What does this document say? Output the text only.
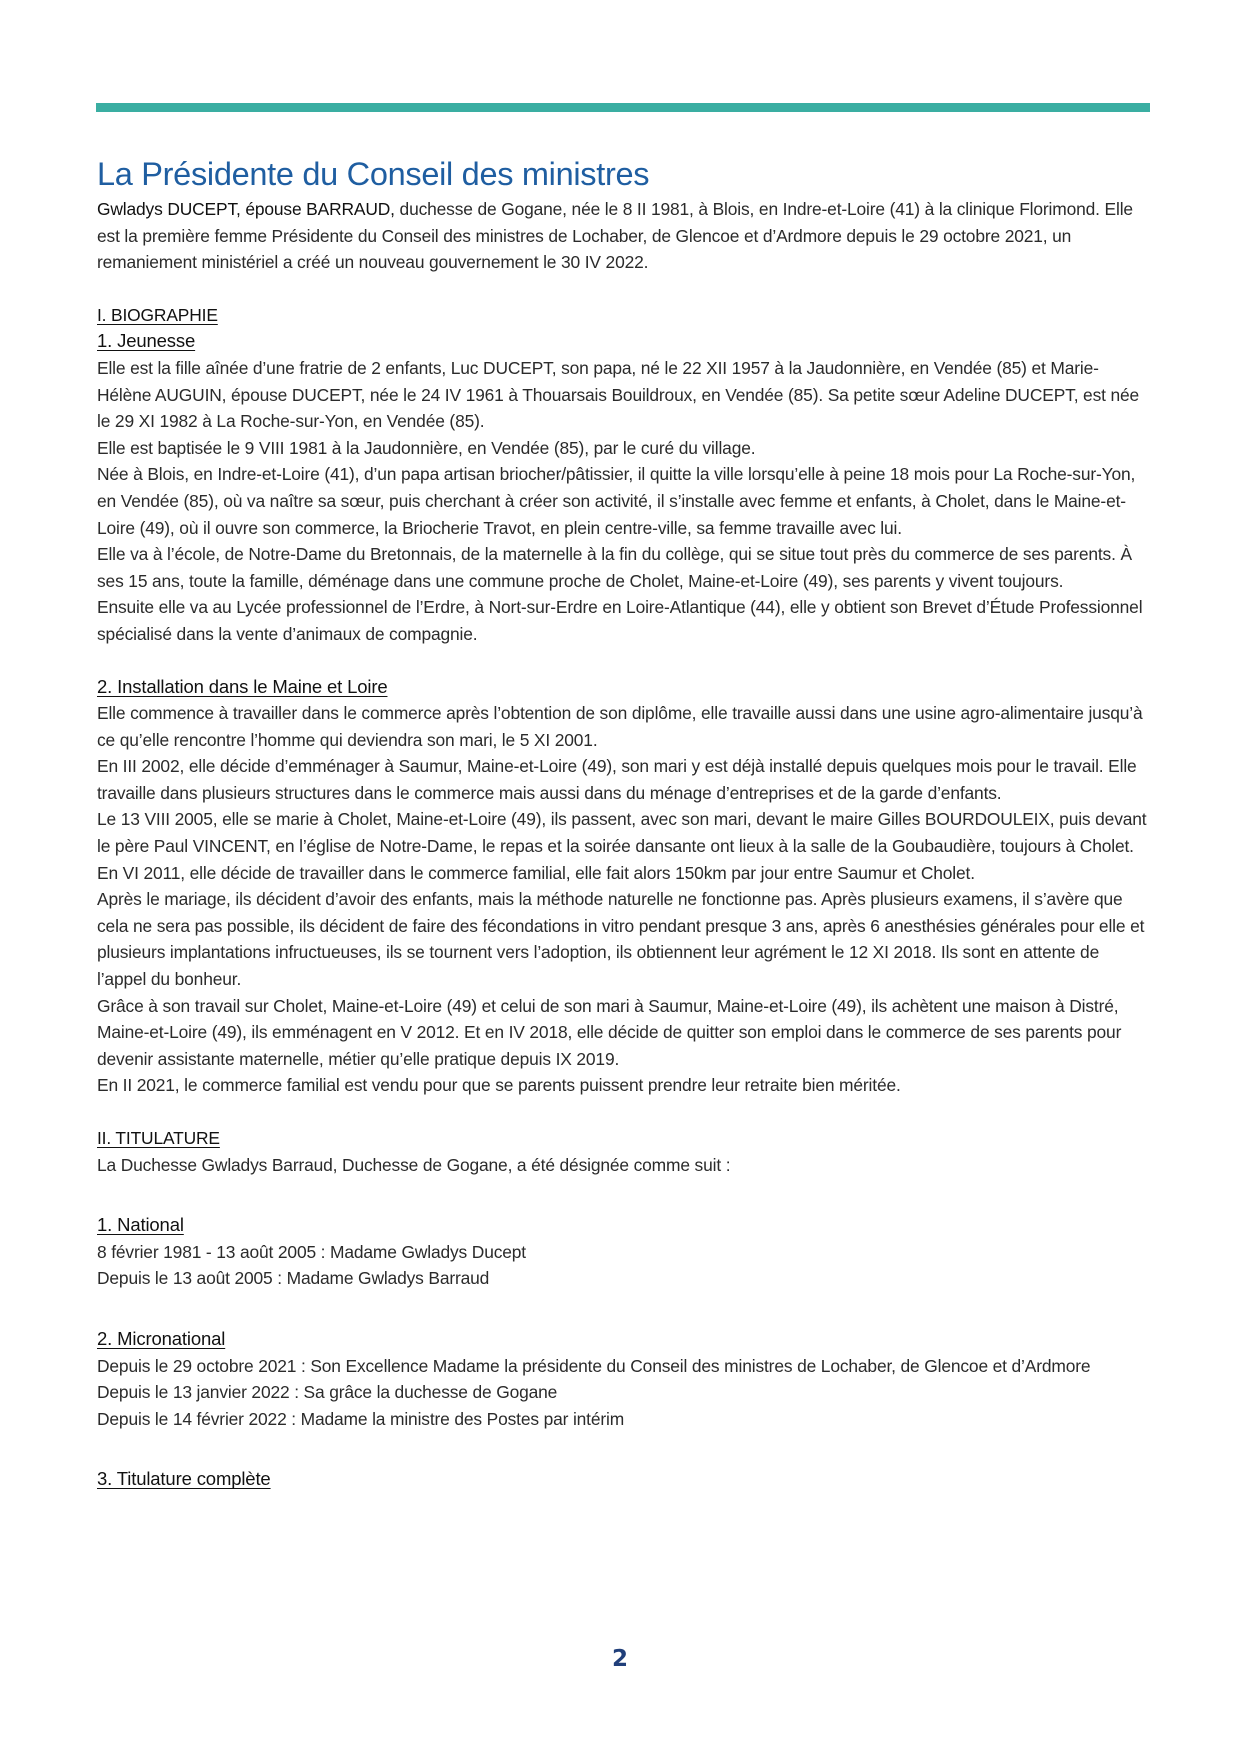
La Présidente du Conseil des ministres

Gwladys DUCEPT, épouse BARRAUD, duchesse de Gogane, née le 8 II 1981, à Blois, en Indre-et-Loire (41) à la clinique Florimond. Elle est la première femme Présidente du Conseil des ministres de Lochaber, de Glencoe et d’Ardmore depuis le 29 octobre 2021, un remaniement ministériel a créé un nouveau gouvernement le 30 IV 2022.

I. BIOGRAPHIE

1. Jeunesse

Elle est la fille aînée d’une fratrie de 2 enfants, Luc DUCEPT, son papa, né le 22 XII 1957 à la Jaudonnière, en Vendée (85) et Marie-Hélène AUGUIN, épouse DUCEPT, née le 24 IV 1961 à Thouarsais Bouildroux, en Vendée (85). Sa petite sœur Adeline DUCEPT, est née le 29 XI 1982 à La Roche-sur-Yon, en Vendée (85).

Elle est baptisée le 9 VIII 1981 à la Jaudonnière, en Vendée (85), par le curé du village.

Née à Blois, en Indre-et-Loire (41), d’un papa artisan briocher/pâtissier, il quitte la ville lorsqu’elle à peine 18 mois pour La Roche-sur-Yon, en Vendée (85), où va naître sa sœur, puis cherchant à créer son activité, il s’installe avec femme et enfants, à Cholet, dans le Maine-et-Loire (49), où il ouvre son commerce, la Briocherie Travot, en plein centre-ville, sa femme travaille avec lui.

Elle va à l’école, de Notre-Dame du Bretonnais, de la maternelle à la fin du collège, qui se situe tout près du commerce de ses parents. À ses 15 ans, toute la famille, déménage dans une commune proche de Cholet, Maine-et-Loire (49), ses parents y vivent toujours.

Ensuite elle va au Lycée professionnel de l’Erdre, à Nort-sur-Erdre en Loire-Atlantique (44), elle y obtient son Brevet d’Étude Professionnel spécialisé dans la vente d’animaux de compagnie.

2. Installation dans le Maine et Loire

Elle commence à travailler dans le commerce après l’obtention de son diplôme, elle travaille aussi dans une usine agro-alimentaire jusqu’à ce qu’elle rencontre l’homme qui deviendra son mari, le 5 XI 2001.

En III 2002, elle décide d’emménager à Saumur, Maine-et-Loire (49), son mari y est déjà installé depuis quelques mois pour le travail. Elle travaille dans plusieurs structures dans le commerce mais aussi dans du ménage d’entreprises et de la garde d’enfants.

Le 13 VIII 2005, elle se marie à Cholet, Maine-et-Loire (49), ils passent, avec son mari, devant le maire Gilles BOURDOULEIX, puis devant le père Paul VINCENT, en l’église de Notre-Dame, le repas et la soirée dansante ont lieux à la salle de la Goubaudière, toujours à Cholet.

En VI 2011, elle décide de travailler dans le commerce familial, elle fait alors 150km par jour entre Saumur et Cholet.

Après le mariage, ils décident d’avoir des enfants, mais la méthode naturelle ne fonctionne pas. Après plusieurs examens, il s’avère que cela ne sera pas possible, ils décident de faire des fécondations in vitro pendant presque 3 ans, après 6 anesthésies générales pour elle et plusieurs implantations infructueuses, ils se tournent vers l’adoption, ils obtiennent leur agrément le 12 XI 2018. Ils sont en attente de l’appel du bonheur.

Grâce à son travail sur Cholet, Maine-et-Loire (49) et celui de son mari à Saumur, Maine-et-Loire (49), ils achètent une maison à Distré, Maine-et-Loire (49), ils emménagent en V 2012. Et en IV 2018, elle décide de quitter son emploi dans le commerce de ses parents pour devenir assistante maternelle, métier qu’elle pratique depuis IX 2019.

En II 2021, le commerce familial est vendu pour que se parents puissent prendre leur retraite bien méritée.

II. TITULATURE

La Duchesse Gwladys Barraud, Duchesse de Gogane, a été désignée comme suit :

1. National

8 février 1981 - 13 août 2005 : Madame Gwladys Ducept

Depuis le 13 août 2005 : Madame Gwladys Barraud

2. Micronational

Depuis le 29 octobre 2021 : Son Excellence Madame la présidente du Conseil des ministres de Lochaber, de Glencoe et d’Ardmore

Depuis le 13 janvier 2022 : Sa grâce la duchesse de Gogane

Depuis le 14 février 2022 : Madame la ministre des Postes par intérim

3. Titulature complète

2
